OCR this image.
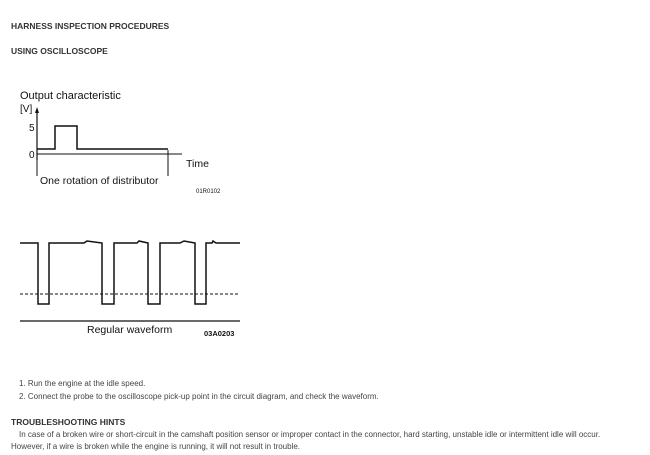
HARNESS INSPECTION PROCEDURES
USING OSCILLOSCOPE
Output characteristic
[V]
5
0
Time
One rotation of distributor
01R0102
Regular waveform	03A0203
1. Run the engine at the idle speed.
2. Connect the probe to the oscilloscope pick-up point in the circuit diagram, and check the waveform.
TROUBLESHOOTING HINTS
In case of a broken wire or short-circuit in the camshaft position sensor or improper contact in the connector, hard starting, unstable idle or intermittent idle will occur.
However, if a wire is broken while the engine is running, it will not result in trouble.
